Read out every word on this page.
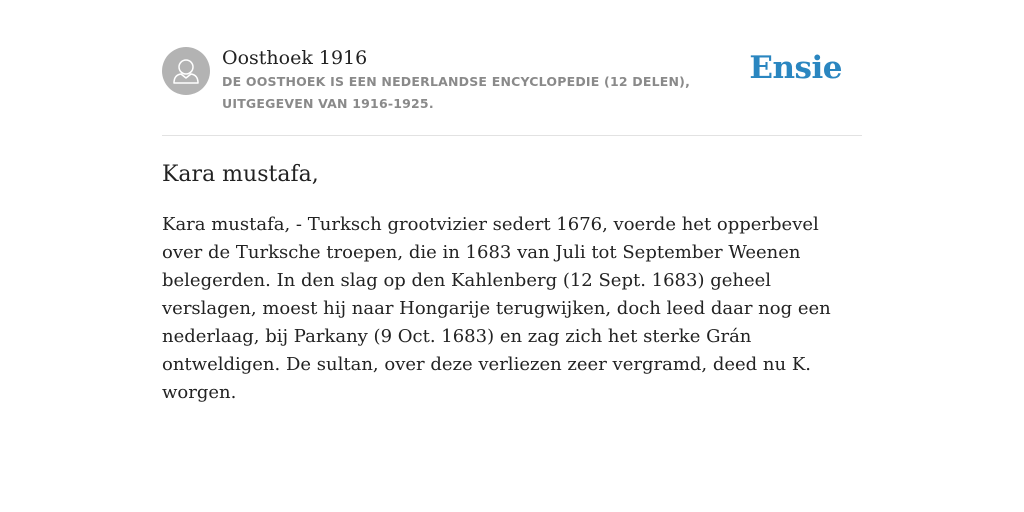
Oosthoek 1916

DE OOSTHOEK IS EEN NEDERLANDSE ENCYCLOPEDIE (12 DELEN), UITGEGEVEN VAN 1916-1925.

Ensie
Kara mustafa,

Kara mustafa, - Turksch grootvizier sedert 1676, voerde het opperbevel over de Turksche troepen, die in 1683 van Juli tot September Weenen belegerden. In den slag op den Kahlenberg (12 Sept. 1683) geheel verslagen, moest hij naar Hongarije terugwijken, doch leed daar nog een nederlaag, bij Parkany (9 Oct. 1683) en zag zich het sterke Grán ontweldigen. De sultan, over deze verliezen zeer vergramd, deed nu K. worgen.
